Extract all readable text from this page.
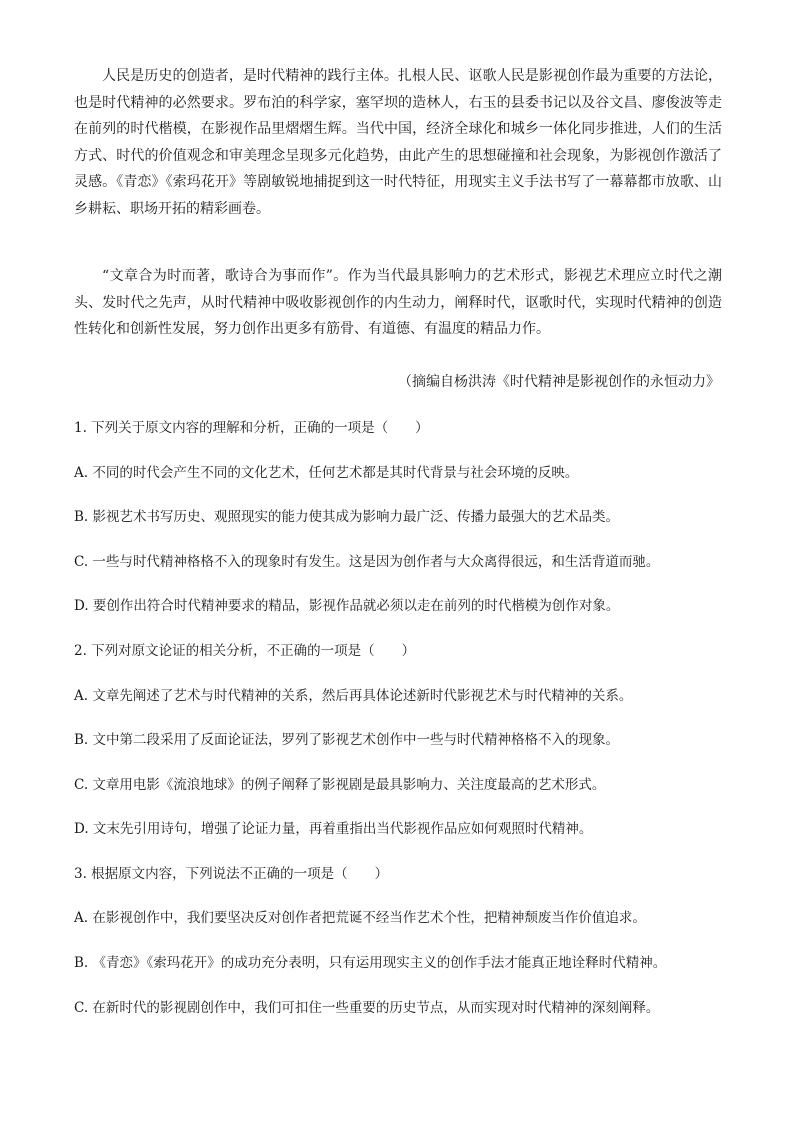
人民是历史的创造者，是时代精神的践行主体。扎根人民、讴歌人民是影视创作最为重要的方法论，也是时代精神的必然要求。罗布泊的科学家，塞罕坝的造林人，右玉的县委书记以及谷文昌、廖俊波等走在前列的时代楷模，在影视作品里熠熠生辉。当代中国，经济全球化和城乡一体化同步推进，人们的生活方式、时代的价值观念和审美理念呈现多元化趋势，由此产生的思想碰撞和社会现象，为影视创作激活了灵感。《青恋》《索玛花开》等剧敏锐地捕捉到这一时代特征，用现实主义手法书写了一幕幕都市放歌、山乡耕耘、职场开拓的精彩画卷。

“文章合为时而著，歌诗合为事而作”。作为当代最具影响力的艺术形式，影视艺术理应立时代之潮头、发时代之先声，从时代精神中吸收影视创作的内生动力，阐释时代，讴歌时代，实现时代精神的创造性转化和创新性发展，努力创作出更多有筋骨、有道德、有温度的精品力作。

（摘编自杨洪涛《时代精神是影视创作的永恒动力》

1. 下列关于原文内容的理解和分析，正确的一项是（　　）

A. 不同的时代会产生不同的文化艺术，任何艺术都是其时代背景与社会环境的反映。

B. 影视艺术书写历史、观照现实的能力使其成为影响力最广泛、传播力最强大的艺术品类。

C. 一些与时代精神格格不入的现象时有发生。这是因为创作者与大众离得很远，和生活背道而驰。

D. 要创作出符合时代精神要求的精品，影视作品就必须以走在前列的时代楷模为创作对象。

2. 下列对原文论证的相关分析，不正确的一项是（　　）

A. 文章先阐述了艺术与时代精神的关系，然后再具体论述新时代影视艺术与时代精神的关系。

B. 文中第二段采用了反面论证法，罗列了影视艺术创作中一些与时代精神格格不入的现象。

C. 文章用电影《流浪地球》的例子阐释了影视剧是最具影响力、关注度最高的艺术形式。

D. 文末先引用诗句，增强了论证力量，再着重指出当代影视作品应如何观照时代精神。

3. 根据原文内容，下列说法不正确的一项是（　　）

A. 在影视创作中，我们要坚决反对创作者把荒诞不经当作艺术个性，把精神颓废当作价值追求。

B. 《青恋》《索玛花开》的成功充分表明，只有运用现实主义的创作手法才能真正地诠释时代精神。

C. 在新时代的影视剧创作中，我们可扣住一些重要的历史节点，从而实现对时代精神的深刻阐释。
